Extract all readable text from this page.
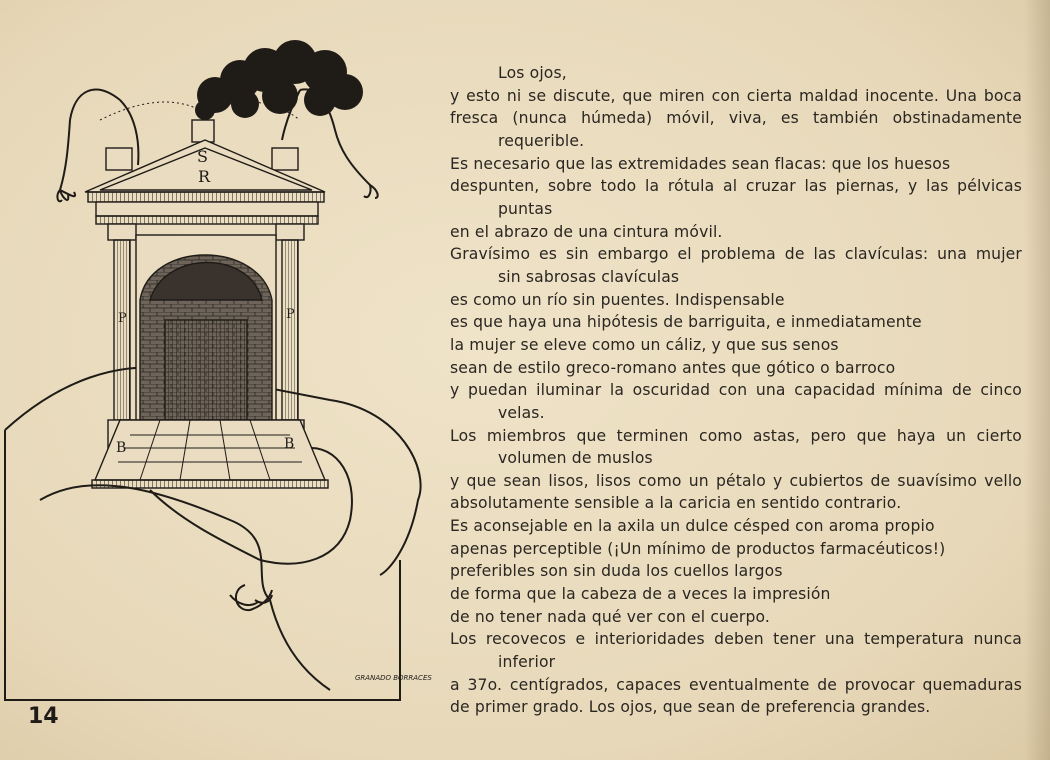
S
R
P	P
B	B
GRANADO BORRACES
Los ojos,
y esto ni se discute, que miren con cierta maldad inocente. Una boca
fresca (nunca húmeda) móvil, viva, es también obstinadamente
requerible.
Es necesario que las extremidades sean flacas: que los huesos
despunten, sobre todo la rótula al cruzar las piernas, y las pélvicas
puntas
en el abrazo de una cintura móvil.
Gravísimo es sin embargo el problema de las clavículas: una mujer
sin sabrosas clavículas
es como un río sin puentes. Indispensable
es que haya una hipótesis de barriguita, e inmediatamente
la mujer se eleve como un cáliz, y que sus senos
sean de estilo greco-romano antes que gótico o barroco
y puedan iluminar la oscuridad con una capacidad mínima de cinco
velas.
Los miembros que terminen como astas, pero que haya un cierto
volumen de muslos
y que sean lisos, lisos como un pétalo y cubiertos de suavísimo vello
absolutamente sensible a la caricia en sentido contrario.
Es aconsejable en la axila un dulce césped con aroma propio
apenas perceptible (¡Un mínimo de productos farmacéuticos!)
preferibles son sin duda los cuellos largos
de forma que la cabeza de a veces la impresión
de no tener nada qué ver con el cuerpo.
Los recovecos e interioridades deben tener una temperatura nunca
inferior
a 37o. centígrados, capaces eventualmente de provocar quemaduras
de primer grado. Los ojos, que sean de preferencia grandes.

14
